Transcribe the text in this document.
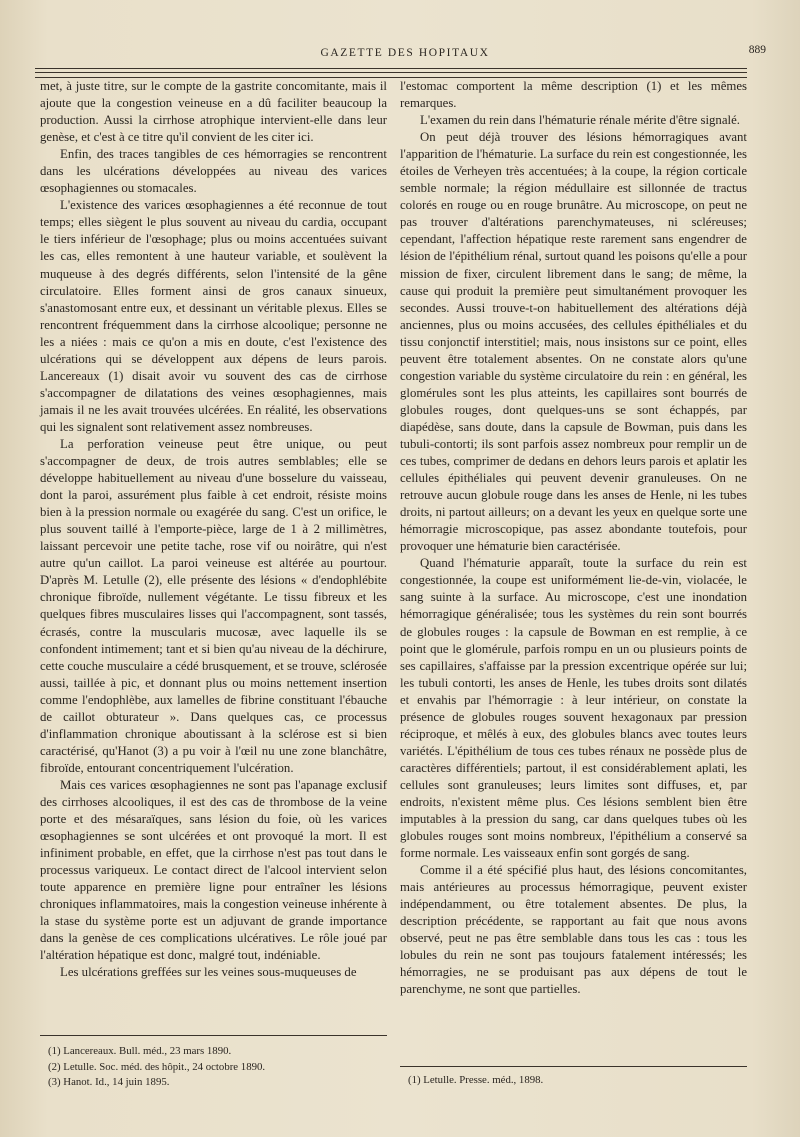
GAZETTE DES HOPITAUX	889

met, à juste titre, sur le compte de la gastrite concomitante, mais il ajoute que la congestion veineuse en a dû faciliter beaucoup la production. Aussi la cirrhose atrophique intervient-elle dans leur genèse, et c'est à ce titre qu'il convient de les citer ici.

Enfin, des traces tangibles de ces hémorragies se rencontrent dans les ulcérations développées au niveau des varices œsophagiennes ou stomacales.

L'existence des varices œsophagiennes a été reconnue de tout temps; elles siègent le plus souvent au niveau du cardia, occupant le tiers inférieur de l'œsophage; plus ou moins accentuées suivant les cas, elles remontent à une hauteur variable, et soulèvent la muqueuse à des degrés différents, selon l'intensité de la gêne circulatoire. Elles forment ainsi de gros canaux sinueux, s'anastomosant entre eux, et dessinant un véritable plexus. Elles se rencontrent fréquemment dans la cirrhose alcoolique; personne ne les a niées : mais ce qu'on a mis en doute, c'est l'existence des ulcérations qui se développent aux dépens de leurs parois. Lancereaux (1) disait avoir vu souvent des cas de cirrhose s'accompagner de dilatations des veines œsophagiennes, mais jamais il ne les avait trouvées ulcérées. En réalité, les observations qui les signalent sont relativement assez nombreuses.

La perforation veineuse peut être unique, ou peut s'accompagner de deux, de trois autres semblables; elle se développe habituellement au niveau d'une bosselure du vaisseau, dont la paroi, assurément plus faible à cet endroit, résiste moins bien à la pression normale ou exagérée du sang. C'est un orifice, le plus souvent taillé à l'emporte-pièce, large de 1 à 2 millimètres, laissant percevoir une petite tache, rose vif ou noirâtre, qui n'est autre qu'un caillot. La paroi veineuse est altérée au pourtour. D'après M. Letulle (2), elle présente des lésions « d'endophlébite chronique fibroïde, nullement végétante. Le tissu fibreux et les quelques fibres musculaires lisses qui l'accompagnent, sont tassés, écrasés, contre la muscularis mucosæ, avec laquelle ils se confondent intimement; tant et si bien qu'au niveau de la déchirure, cette couche musculaire a cédé brusquement, et se trouve, sclérosée aussi, taillée à pic, et donnant plus ou moins nettement insertion comme l'endophlèbe, aux lamelles de fibrine constituant l'ébauche de caillot obturateur ». Dans quelques cas, ce processus d'inflammation chronique aboutissant à la sclérose est si bien caractérisé, qu'Hanot (3) a pu voir à l'œil nu une zone blanchâtre, fibroïde, entourant concentriquement l'ulcération.

Mais ces varices œsophagiennes ne sont pas l'apanage exclusif des cirrhoses alcooliques, il est des cas de thrombose de la veine porte et des mésaraïques, sans lésion du foie, où les varices œsophagiennes se sont ulcérées et ont provoqué la mort. Il est infiniment probable, en effet, que la cirrhose n'est pas tout dans le processus variqueux. Le contact direct de l'alcool intervient selon toute apparence en première ligne pour entraîner les lésions chroniques inflammatoires, mais la congestion veineuse inhérente à la stase du système porte est un adjuvant de grande importance dans la genèse de ces complications ulcératives. Le rôle joué par l'altération hépatique est donc, malgré tout, indéniable.

Les ulcérations greffées sur les veines sous-muqueuses de

l'estomac comportent la même description (1) et les mêmes remarques.

L'examen du rein dans l'hématurie rénale mérite d'être signalé.

On peut déjà trouver des lésions hémorragiques avant l'apparition de l'hématurie. La surface du rein est congestionnée, les étoiles de Verheyen très accentuées; à la coupe, la région corticale semble normale; la région médullaire est sillonnée de tractus colorés en rouge ou en rouge brunâtre. Au microscope, on peut ne pas trouver d'altérations parenchymateuses, ni scléreuses; cependant, l'affection hépatique reste rarement sans engendrer de lésion de l'épithélium rénal, surtout quand les poisons qu'elle a pour mission de fixer, circulent librement dans le sang; de même, la cause qui produit la première peut simultanément provoquer les secondes. Aussi trouve-t-on habituellement des altérations déjà anciennes, plus ou moins accusées, des cellules épithéliales et du tissu conjonctif interstitiel; mais, nous insistons sur ce point, elles peuvent être totalement absentes. On ne constate alors qu'une congestion variable du système circulatoire du rein : en général, les glomérules sont les plus atteints, les capillaires sont bourrés de globules rouges, dont quelques-uns se sont échappés, par diapédèse, sans doute, dans la capsule de Bowman, puis dans les tubuli-contorti; ils sont parfois assez nombreux pour remplir un de ces tubes, comprimer de dedans en dehors leurs parois et aplatir les cellules épithéliales qui peuvent devenir granuleuses. On ne retrouve aucun globule rouge dans les anses de Henle, ni les tubes droits, ni partout ailleurs; on a devant les yeux en quelque sorte une hémorragie microscopique, pas assez abondante toutefois, pour provoquer une hématurie bien caractérisée.

Quand l'hématurie apparaît, toute la surface du rein est congestionnée, la coupe est uniformément lie-de-vin, violacée, le sang suinte à la surface. Au microscope, c'est une inondation hémorragique généralisée; tous les systèmes du rein sont bourrés de globules rouges : la capsule de Bowman en est remplie, à ce point que le glomérule, parfois rompu en un ou plusieurs points de ses capillaires, s'affaisse par la pression excentrique opérée sur lui; les tubuli contorti, les anses de Henle, les tubes droits sont dilatés et envahis par l'hémorragie : à leur intérieur, on constate la présence de globules rouges souvent hexagonaux par pression réciproque, et mêlés à eux, des globules blancs avec toutes leurs variétés. L'épithélium de tous ces tubes rénaux ne possède plus de caractères différentiels; partout, il est considérablement aplati, les cellules sont granuleuses; leurs limites sont diffuses, et, par endroits, n'existent même plus. Ces lésions semblent bien être imputables à la pression du sang, car dans quelques tubes où les globules rouges sont moins nombreux, l'épithélium a conservé sa forme normale. Les vaisseaux enfin sont gorgés de sang.

Comme il a été spécifié plus haut, des lésions concomitantes, mais antérieures au processus hémorragique, peuvent exister indépendamment, ou être totalement absentes. De plus, la description précédente, se rapportant au fait que nous avons observé, peut ne pas être semblable dans tous les cas : tous les lobules du rein ne sont pas toujours fatalement intéressés; les hémorragies, ne se produisant pas aux dépens de tout le parenchyme, ne sont que partielles.

(1) Lancereaux. Bull. méd., 23 mars 1890.
(2) Letulle. Soc. méd. des hôpit., 24 octobre 1890.
(3) Hanot. Id., 14 juin 1895.	(1) Letulle. Presse. méd., 1898.
